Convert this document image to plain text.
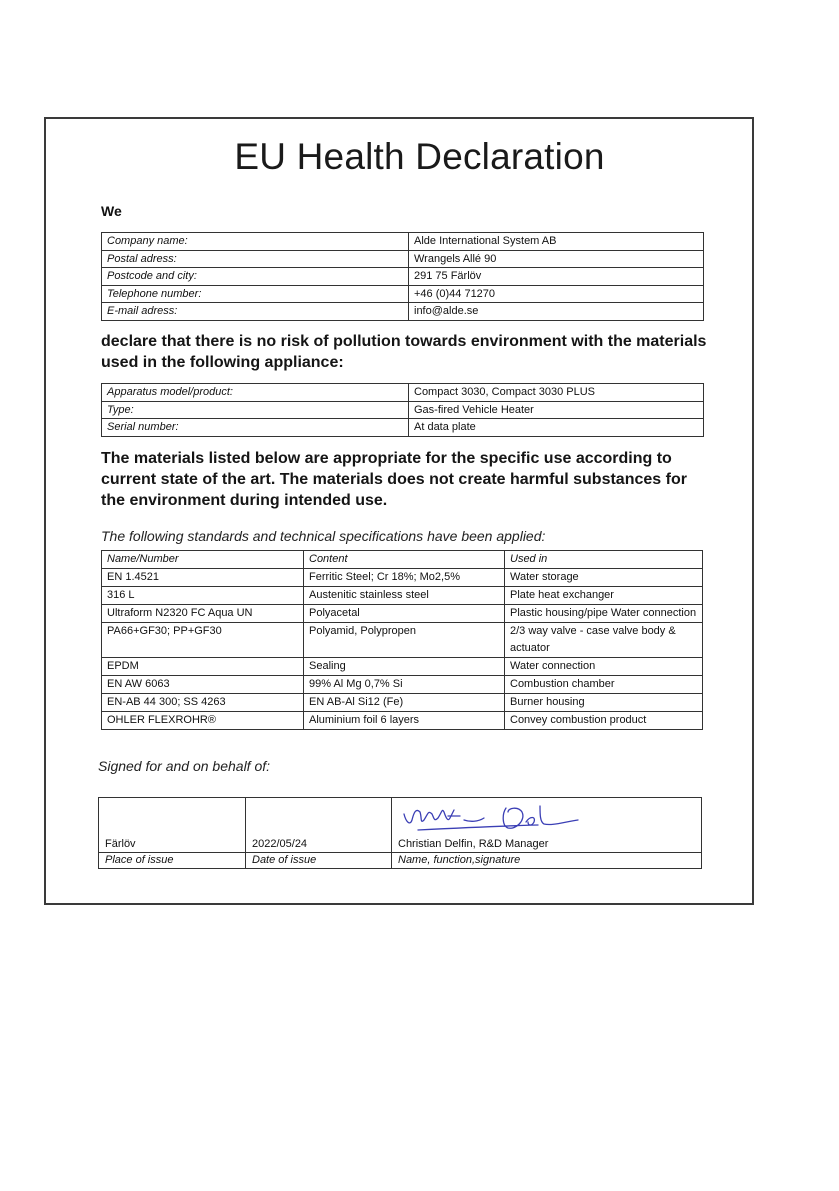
EU Health Declaration
We
Company name:	Alde International System AB
Postal adress:	Wrangels Allé 90
Postcode and city:	291 75 Färlöv
Telephone number:	+46 (0)44 71270
E-mail adress:	info@alde.se
declare that there is no risk of pollution towards environment with the materials used in the following appliance:
Apparatus model/product:	Compact 3030, Compact 3030 PLUS
Type:	Gas-fired Vehicle Heater
Serial number:	At data plate
The materials listed below are appropriate for the specific use according to current state of the art. The materials does not create harmful substances for the environment during intended use.
The following standards and technical specifications have been applied:
Name/Number	Content	Used in
EN 1.4521	Ferritic Steel; Cr 18%; Mo2,5%	Water storage
316 L	Austenitic stainless steel	Plate heat exchanger
Ultraform N2320 FC Aqua UN	Polyacetal	Plastic housing/pipe Water connection
PA66+GF30; PP+GF30	Polyamid, Polypropen	2/3 way valve - case valve body & actuator
EPDM	Sealing	Water connection
EN AW 6063	99% Al Mg 0,7% Si	Combustion chamber
EN-AB 44 300; SS 4263	EN AB-Al Si12 (Fe)	Burner housing
OHLER FLEXROHR®	Aluminium foil 6 layers	Convey combustion product
Signed for and on behalf of:
Färlöv	2022/05/24	Christian Delfin, R&D Manager
Place of issue	Date of issue	Name, function,signature
